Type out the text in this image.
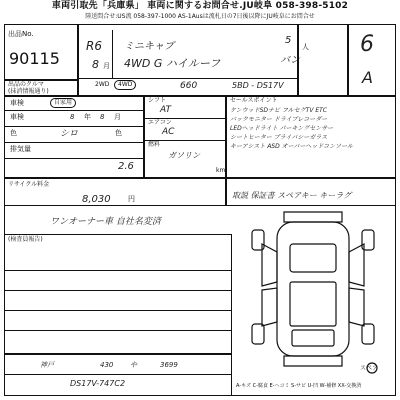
車両引取先「兵庫県」 車両に関するお問合せ.JU岐阜 058-398-5102
陸送問合せ:US流 058-397-1000 AS-1Ausは流札日の7日後以降にJU岐阜にお問合せ
出品No.
90115
出品のクルマ
(抹消情報通り)
R6
8 月
ミニキャブ
4WD G ハイルーフ
2WD	4WD	660
5
人
バン
5BD - DS17V
6
A
車検	自家用
車検	8 年 8 月
色	シロ	色
排気量
2.6
シフト
AT
エアコン
AC
燃料
ガソリン
km
セールスポイント
ケンウッドSDナビ フルセグTV ETC
バックモニター ドライブレコーダー
LEDヘッドライト パーキングセンサー
シートヒーター プライバシーガラス
キーアシスト ASD オーバーヘッドコンソール
リサイクル料金
8,030 円	取説 保証書 スペアキー キーラグ
ワンオーナー車 自社名変済
(検査員報告)
スペア
神戸	430 や	3699
DS17V-747C2	A-キズ C-腐食 E-ヘコミ S-サビ U-凹 W-補修 XX-交換済
